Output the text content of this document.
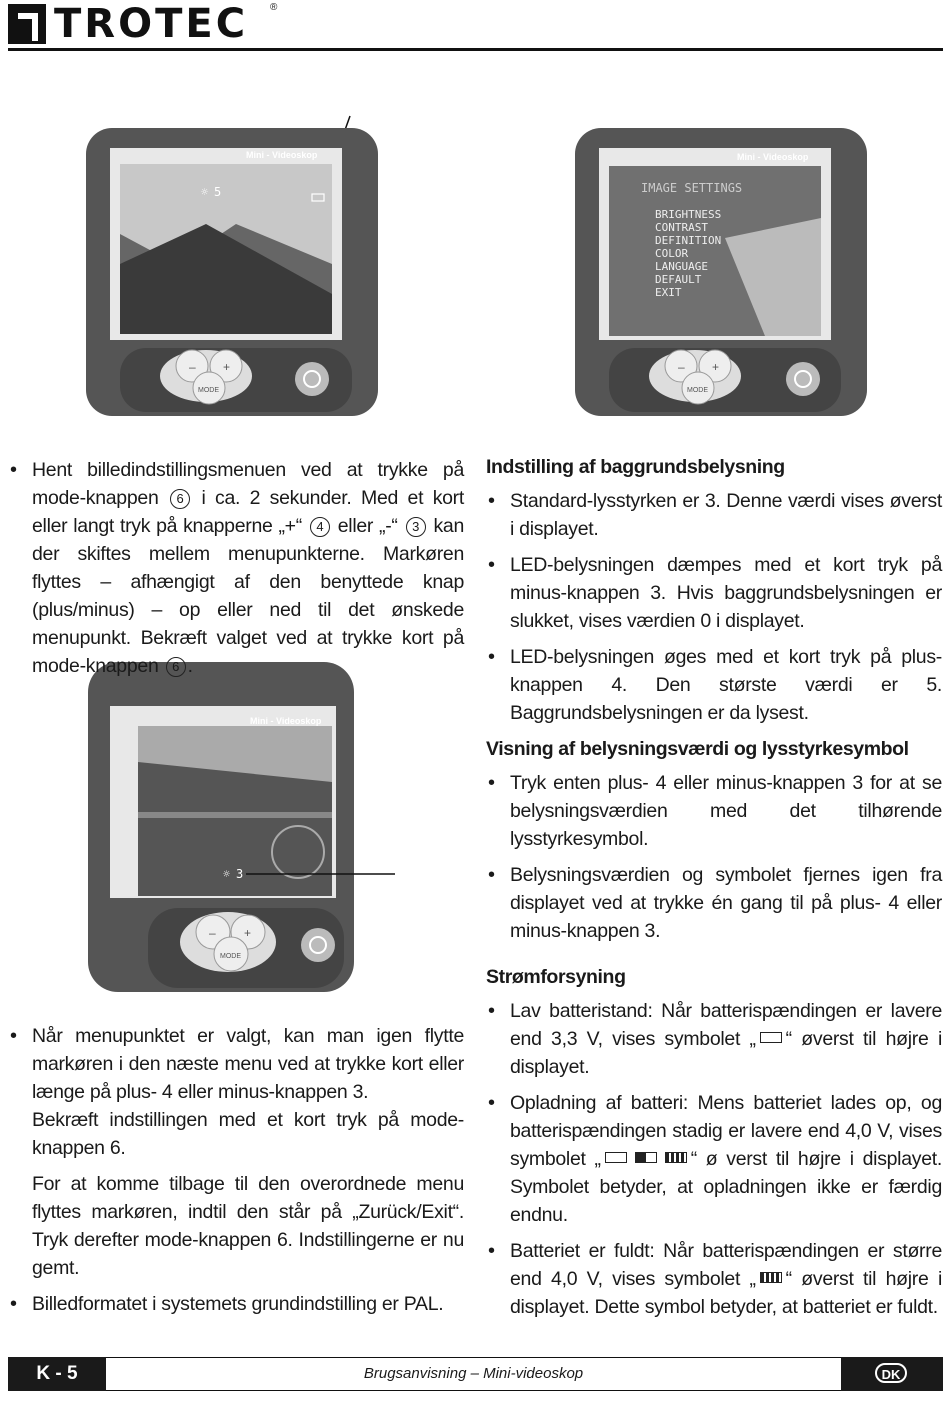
TROTEC ®
Mini - Videoskop
☼ 5
– +
MODE
Mini - Videoskop
IMAGE SETTINGS
BRIGHTNESS
CONTRAST
DEFINITION
COLOR
LANGUAGE
DEFAULT
EXIT
– +
MODE
Mini - Videoskop
☼ 3
– +
MODE
• Hent billedindstillingsmenuen ved at trykke på mode-knappen 6 i ca. 2 sekunder. Med et kort eller langt tryk på knapperne „+“ 4 eller „-“ 3 kan der skiftes mellem menupunkterne. Markøren flyttes – afhængigt af den benyttede knap (plus/minus) – op eller ned til det ønskede menupunkt. Bekræft valget ved at trykke kort på mode-knappen 6 .
• Når menupunktet er valgt, kan man igen flytte markøren i den næste menu ved at trykke kort eller længe på plus- 4 eller minus-knappen 3.

Bekræft indstillingen med et kort tryk på mode-knappen 6.

For at komme tilbage til den overordnede menu flyttes markøren, indtil den står på „Zurück/Exit“. Tryk derefter mode-knappen 6. Indstillingerne er nu gemt.

• Billedformatet i systemets grundindstilling er PAL.
Indstilling af baggrundsbelysning
• Standard-lysstyrken er 3. Denne værdi vises øverst i displayet.
• LED-belysningen dæmpes med et kort tryk på minus-knappen 3. Hvis baggrundsbelysningen er slukket, vises værdien 0 i displayet.
• LED-belysningen øges med et kort tryk på plus-knappen 4. Den største værdi er 5. Baggrundsbelysningen er da lysest.
Visning af belysningsværdi og lysstyrkesymbol
• Tryk enten plus- 4 eller minus-knappen 3 for at se belysningsværdien med det tilhørende lysstyrkesymbol.
• Belysningsværdien og symbolet fjernes igen fra displayet ved at trykke én gang til på plus- 4 eller minus-knappen 3.
Strømforsyning
• Lav batteristand: Når batterispændingen er lavere end 3,3 V, vises symbolet „ “ øverst til højre i displayet.
• Opladning af batteri: Mens batteriet lades op, og batterispændingen stadig er lavere end 4,0 V, vises symbolet „	“ ø verst til højre i displayet. Symbolet betyder, at opladningen ikke er færdig endnu.
• Batteriet er fuldt: Når batterispændingen er større end 4,0 V, vises symbolet „ “ øverst til højre i displayet. Dette symbol betyder, at batteriet er fuldt.
K - 5	Brugsanvisning – Mini-videoskop	DK
